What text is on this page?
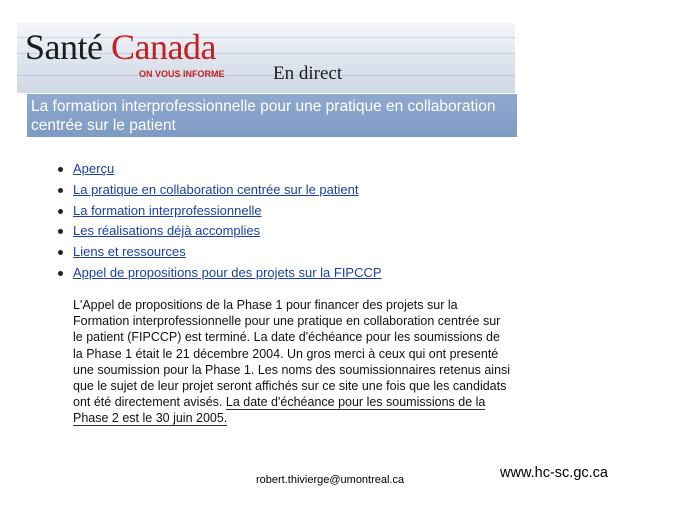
Santé Canada
ON VOUS INFORME	En direct
La formation interprofessionnelle pour une pratique en collaboration centrée sur le patient
Aperçu
La pratique en collaboration centrée sur le patient
La formation interprofessionnelle
Les réalisations déjà accomplies
Liens et ressources
Appel de propositions pour des projets sur la FIPCCP

L'Appel de propositions de la Phase 1 pour financer des projets sur la Formation interprofessionnelle pour une pratique en collaboration centrée sur le patient (FIPCCP) est terminé. La date d'échéance pour les soumissions de la Phase 1 était le 21 décembre 2004. Un gros merci à ceux qui ont presenté une soumission pour la Phase 1. Les noms des soumissionnaires retenus ainsi que le sujet de leur projet seront affichés sur ce site une fois que les candidats ont été directement avisés. La date d'échéance pour les soumissions de la Phase 2 est le 30 juin 2005.

robert.thivierge@umontreal.ca	www.hc-sc.gc.ca
